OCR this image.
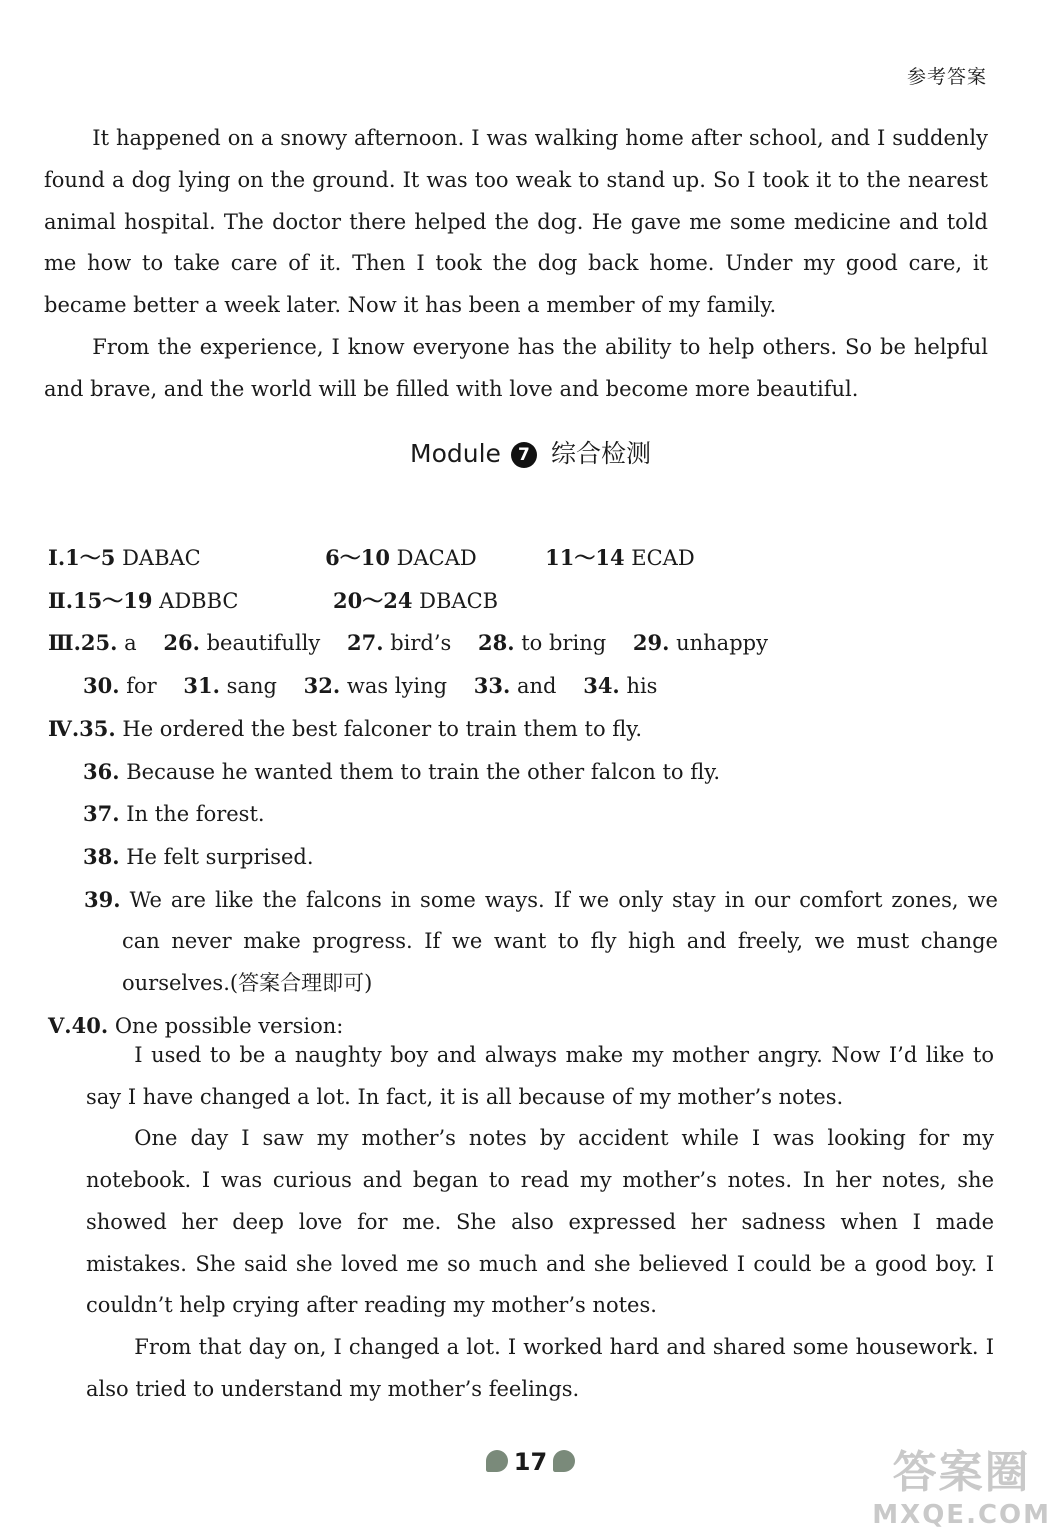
参考答案

It happened on a snowy afternoon. I was walking home after school, and I suddenly found a dog lying on the ground. It was too weak to stand up. So I took it to the nearest animal hospital. The doctor there helped the dog. He gave me some medicine and told me how to take care of it. Then I took the dog back home. Under my good care, it became better a week later. Now it has been a member of my family.

From the experience, I know everyone has the ability to help others. So be helpful and brave, and the world will be filled with love and become more beautiful.

Module 7 综合检测
Ⅰ.1～5 DABAC	6～10 DACAD	11～14 ECAD
Ⅱ.15～19 ADBBC	20～24 DBACB
Ⅲ.25. a 26. beautifully 27. bird’s 28. to bring 29. unhappy
30. for 31. sang 32. was lying 33. and 34. his
Ⅳ.35. He ordered the best falconer to train them to fly.
36. Because he wanted them to train the other falcon to fly.
37. In the forest.
38. He felt surprised.
39. We are like the falcons in some ways. If we only stay in our comfort zones, we can never make progress. If we want to fly high and freely, we must change ourselves.(答案合理即可)
Ⅴ.40. One possible version:

I used to be a naughty boy and always make my mother angry. Now I’d like to say I have changed a lot. In fact, it is all because of my mother’s notes.

One day I saw my mother’s notes by accident while I was looking for my notebook. I was curious and began to read my mother’s notes. In her notes, she showed her deep love for me. She also expressed her sadness when I made mistakes. She said she loved me so much and she believed I could be a good boy. I couldn’t help crying after reading my mother’s notes.

From that day on, I changed a lot. I worked hard and shared some housework. I also tried to understand my mother’s feelings.

17	答案圈
MXQE.COM
